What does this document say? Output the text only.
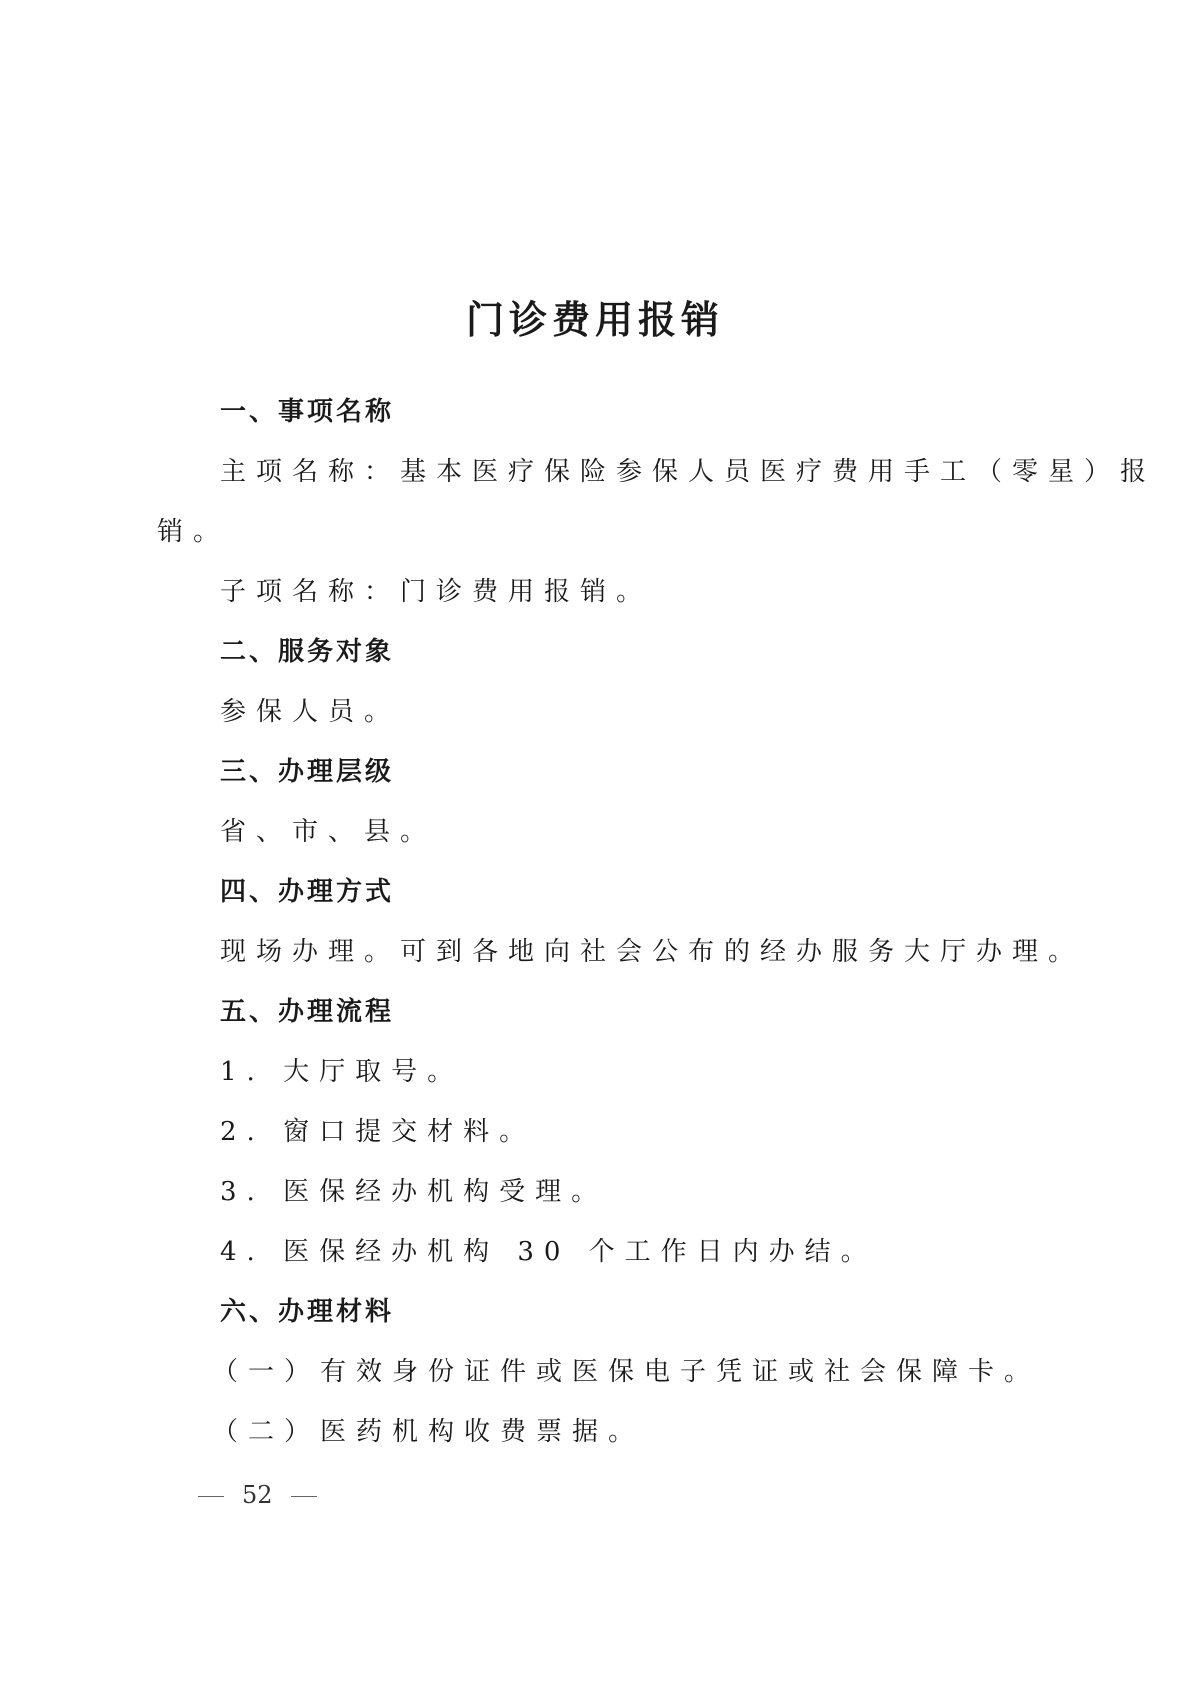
门诊费用报销

一、事项名称

主项名称：基本医疗保险参保人员医疗费用手工（零星）报

销。

子项名称：门诊费用报销。

二、服务对象

参保人员。

三、办理层级

省、市、县。

四、办理方式

现场办理。可到各地向社会公布的经办服务大厅办理。

五、办理流程

1. 大厅取号。

2. 窗口提交材料。

3. 医保经办机构受理。

4. 医保经办机构 30 个工作日内办结。

六、办理材料

（一）有效身份证件或医保电子凭证或社会保障卡。

（二）医药机构收费票据。

52
